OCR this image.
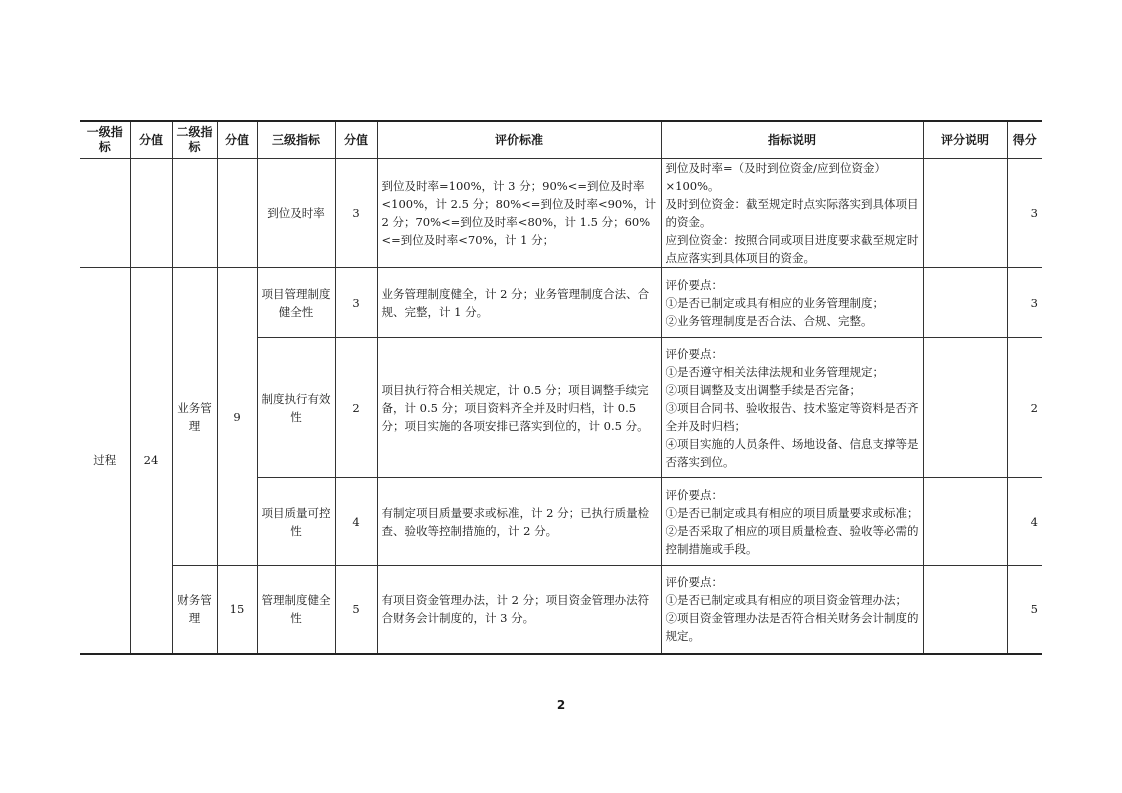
一级指标	分值	二级指标	分值	三级指标	分值	评价标准	指标说明	评分说明	得分
				到位及时率	3	到位及时率=100%，计 3 分；90%<=到位及时率<100%，计 2.5 分；80%<=到位及时率<90%，计 2 分；70%<=到位及时率<80%，计 1.5 分；60%<=到位及时率<70%，计 1 分；	到位及时率=（及时到位资金/应到位资金）×100%。
及时到位资金：截至规定时点实际落实到具体项目的资金。
应到位资金：按照合同或项目进度要求截至规定时点应落实到具体项目的资金。		3
过程	24	业务管理	9	项目管理制度健全性	3	业务管理制度健全，计 2 分；业务管理制度合法、合规、完整，计 1 分。	评价要点：
①是否已制定或具有相应的业务管理制度；
②业务管理制度是否合法、合规、完整。		3
				制度执行有效性	2	项目执行符合相关规定，计 0.5 分；项目调整手续完备，计 0.5 分；项目资料齐全并及时归档，计 0.5 分；项目实施的各项安排已落实到位的，计 0.5 分。	评价要点：
①是否遵守相关法律法规和业务管理规定；
②项目调整及支出调整手续是否完备；
③项目合同书、验收报告、技术鉴定等资料是否齐全并及时归档；
④项目实施的人员条件、场地设备、信息支撑等是否落实到位。		2
				项目质量可控性	4	有制定项目质量要求或标准，计 2 分；已执行质量检查、验收等控制措施的，计 2 分。	评价要点：
①是否已制定或具有相应的项目质量要求或标准；
②是否采取了相应的项目质量检查、验收等必需的控制措施或手段。		4
		财务管理	15	管理制度健全性	5	有项目资金管理办法，计 2 分；项目资金管理办法符合财务会计制度的，计 3 分。	评价要点：
①是否已制定或具有相应的项目资金管理办法；
②项目资金管理办法是否符合相关财务会计制度的规定。		5
2
